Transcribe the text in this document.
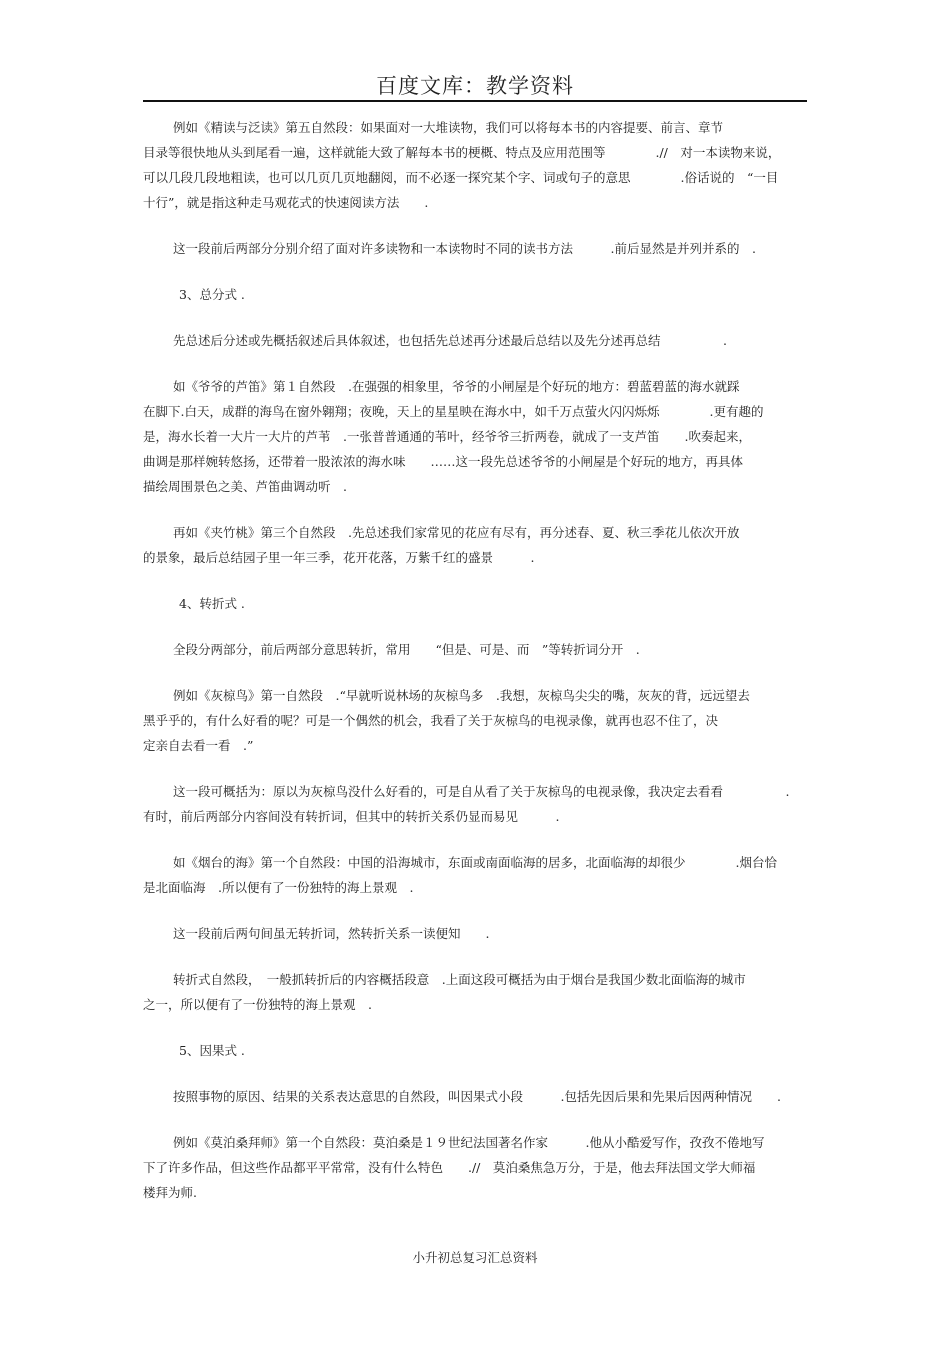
百度文库：教学资料
例如《精读与泛读》第五自然段：如果面对一大堆读物，我们可以将每本书的内容提要、前言、章节
目录等很快地从头到尾看一遍，这样就能大致了解每本书的梗概、特点及应用范围等　　　　.//　对一本读物来说，
可以几段几段地粗读，也可以几页几页地翻阅，而不必逐一探究某个字、词或句子的意思　　　　.俗话说的　“一目
十行”，就是指这种走马观花式的快速阅读方法　　.
这一段前后两部分分别介绍了面对许多读物和一本读物时不同的读书方法　　　.前后显然是并列并系的　.
3、总分式 .
先总述后分述或先概括叙述后具体叙述，也包括先总述再分述最后总结以及先分述再总结　　　　　.
如《爷爷的芦笛》第１自然段　.在强强的相象里，爷爷的小闸屋是个好玩的地方：碧蓝碧蓝的海水就踩
在脚下.白天，成群的海鸟在窗外翱翔；夜晚，天上的星星映在海水中，如千万点萤火闪闪烁烁　　　　.更有趣的
是，海水长着一大片一大片的芦苇　.一张普普通通的苇叶，经爷爷三折两卷，就成了一支芦笛　　.吹奏起来，
曲调是那样婉转悠扬，还带着一股浓浓的海水味　　……这一段先总述爷爷的小闸屋是个好玩的地方，再具体
描绘周围景色之美、芦笛曲调动听　.
再如《夹竹桃》第三个自然段　.先总述我们家常见的花应有尽有，再分述春、夏、秋三季花儿依次开放
的景象，最后总结园子里一年三季，花开花落，万紫千红的盛景　　　.
4、转折式 .
全段分两部分，前后两部分意思转折，常用　　“但是、可是、而　”等转折词分开　.
例如《灰椋鸟》第一自然段　.“早就听说林场的灰椋鸟多　.我想，灰椋鸟尖尖的嘴，灰灰的背，远远望去
黑乎乎的，有什么好看的呢？可是一个偶然的机会，我看了关于灰椋鸟的电视录像，就再也忍不住了，决
定亲自去看一看　.”
这一段可概括为：原以为灰椋鸟没什么好看的，可是自从看了关于灰椋鸟的电视录像，我决定去看看　　　　　.
有时，前后两部分内容间没有转折词，但其中的转折关系仍显而易见　　　.
如《烟台的海》第一个自然段：中国的沿海城市，东面或南面临海的居多，北面临海的却很少　　　　.烟台恰
是北面临海　.所以便有了一份独特的海上景观　.
这一段前后两句间虽无转折词，然转折关系一读便知　　.
转折式自然段，　一般抓转折后的内容概括段意　.上面这段可概括为由于烟台是我国少数北面临海的城市
之一，所以便有了一份独特的海上景观　.
5、因果式 .
按照事物的原因、结果的关系表达意思的自然段，叫因果式小段　　　.包括先因后果和先果后因两种情况　　.
例如《莫泊桑拜师》第一个自然段：莫泊桑是１９世纪法国著名作家　　　.他从小酷爱写作，孜孜不倦地写
下了许多作品，但这些作品都平平常常，没有什么特色　　.//　莫泊桑焦急万分，于是，他去拜法国文学大师福
楼拜为师.
小升初总复习汇总资料
